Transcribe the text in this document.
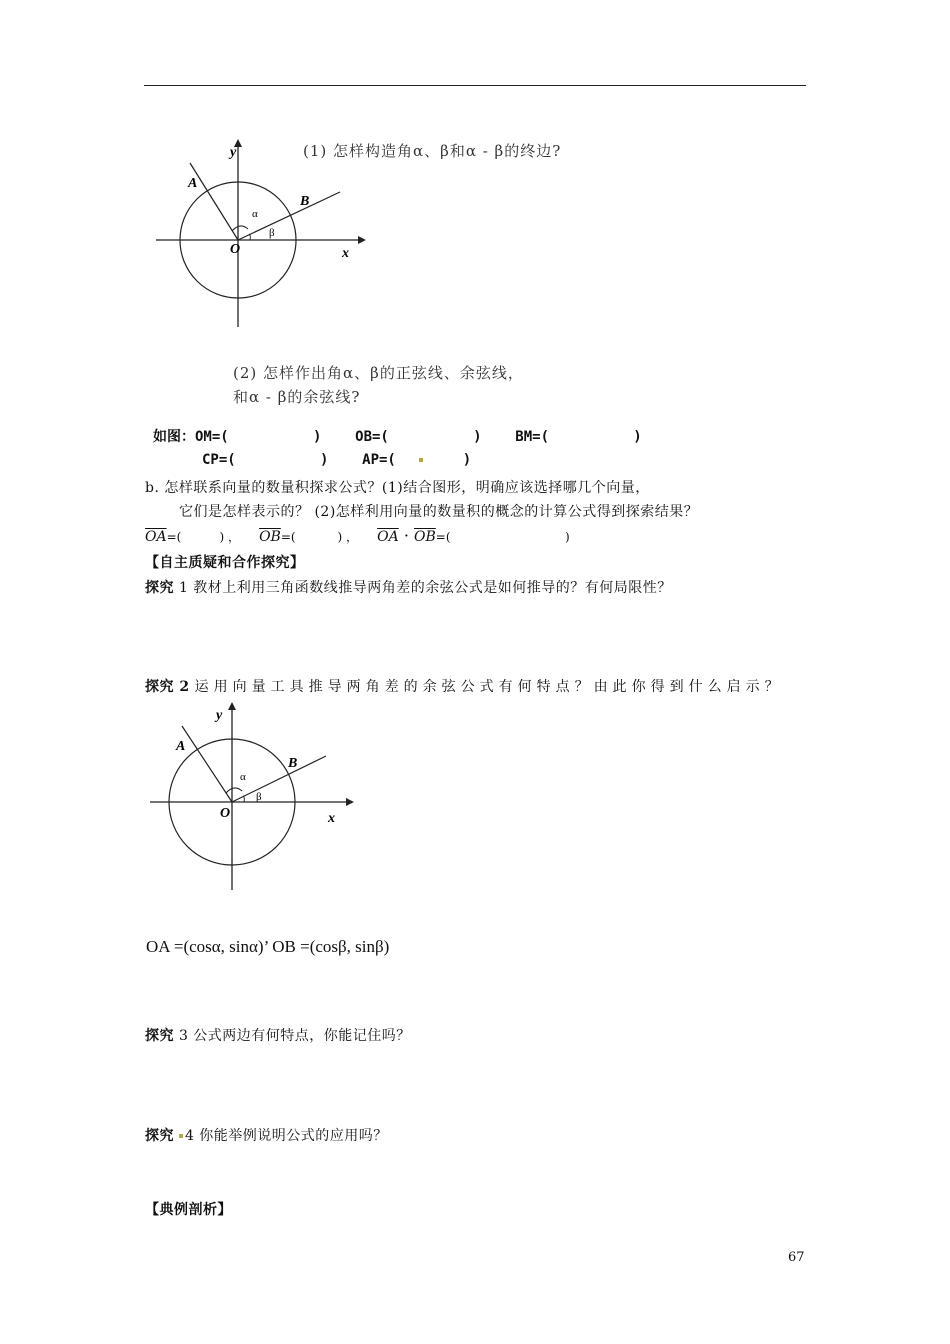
y
x
O
A
B
α
β
(1) 怎样构造角α、β和α - β的终边?
(2) 怎样作出角α、β的正弦线、余弦线，
和α - β的余弦线?
如图：OM=(          )    OB=(          )    BM=(          )
CP=(          )    AP=(	)
b. 怎样联系向量的数量积探求公式？(1)结合图形，明确应该选择哪几个向量，
它们是怎样表示的？ (2)怎样利用向量的数量积的概念的计算公式得到探索结果？
$\overline{OA}=$(          ) ， $\overline{OB}=$(           ) ， $\overline{OA} \cdot \overline{OB}=$(                              )
【自主质疑和合作探究】
探究 1 教材上利用三角函数线推导两角差的余弦公式是如何推导的？有何局限性？
探究 2 运用向量工具推导两角差的余弦公式有何特点？由此你得到什么启示？
y
x
O
A
B
α
β
OA =(cosα, sinα)’ OB =(cosβ, sinβ)
探究 3 公式两边有何特点，你能记住吗？
探究 4 你能举例说明公式的应用吗？
【典例剖析】
67
